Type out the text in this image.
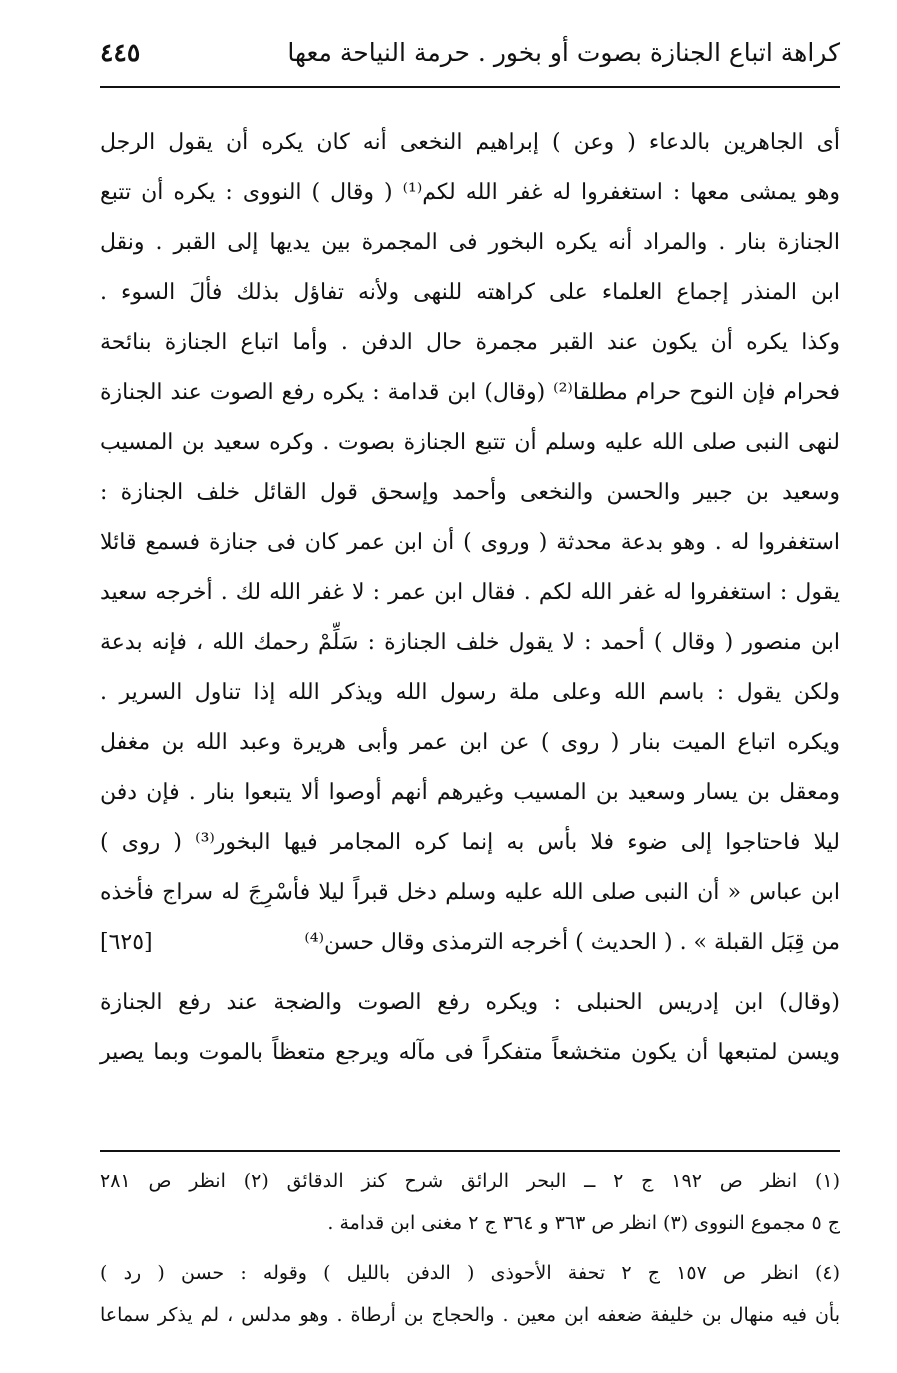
كراهة اتباع الجنازة بصوت أو بخور . حرمة النياحة معها
٤٤٥
أى الجاهرين بالدعاء ( وعن ) إبراهيم النخعى أنه كان يكره أن يقول الرجل
وهو يمشى معها : استغفروا له غفر الله لكم⁽¹⁾ ( وقال ) النووى : يكره أن تتبع
الجنازة بنار . والمراد أنه يكره البخور فى المجمرة بين يديها إلى القبر . ونقل
ابن المنذر إجماع العلماء على كراهته للنهى ولأنه تفاؤل بذلك فألَ السوء .
وكذا يكره أن يكون عند القبر مجمرة حال الدفن . وأما اتباع الجنازة بنائحة
فحرام فإن النوح حرام مطلقا⁽²⁾ (وقال) ابن قدامة : يكره رفع الصوت عند الجنازة
لنهى النبى صلى الله عليه وسلم أن تتبع الجنازة بصوت . وكره سعيد بن المسيب
وسعيد بن جبير والحسن والنخعى وأحمد وإسحق قول القائل خلف الجنازة :
استغفروا له . وهو بدعة محدثة ( وروى ) أن ابن عمر كان فى جنازة فسمع قائلا
يقول : استغفروا له غفر الله لكم . فقال ابن عمر : لا غفر الله لك . أخرجه سعيد
ابن منصور ( وقال ) أحمد : لا يقول خلف الجنازة : سَلِّمْ رحمك الله ، فإنه بدعة
ولكن يقول : باسم الله وعلى ملة رسول الله ويذكر الله إذا تناول السرير .
ويكره اتباع الميت بنار ( روى ) عن ابن عمر وأبى هريرة وعبد الله بن مغفل
ومعقل بن يسار وسعيد بن المسيب وغيرهم أنهم أوصوا ألا يتبعوا بنار . فإن دفن
ليلا فاحتاجوا إلى ضوء فلا بأس به إنما كره المجامر فيها البخور⁽³⁾ ( روى )
ابن عباس « أن النبى صلى الله عليه وسلم دخل قبراً ليلا فأسْرِجَ له سراج فأخذه
من قِبَل القبلة » . ( الحديث ) أخرجه الترمذى وقال حسن⁽⁴⁾
[٦٢٥]
(وقال) ابن إدريس الحنبلى : ويكره رفع الصوت والضجة عند رفع الجنازة
ويسن لمتبعها أن يكون متخشعاً متفكراً فى مآله ويرجع متعظاً بالموت وبما يصير
(١) انظر ص ١٩٢ ج ٢ ــ البحر الرائق شرح كنز الدقائق (٢) انظر ص ٢٨١
ج ٥ مجموع النووى (٣) انظر ص ٣٦٣ و ٣٦٤ ج ٢ مغنى ابن قدامة .
(٤) انظر ص ١٥٧ ج ٢ تحفة الأحوذى ( الدفن بالليل ) وقوله : حسن ( رد )
بأن فيه منهال بن خليفة ضعفه ابن معين . والحجاج بن أرطاة . وهو مدلس ، لم يذكر سماعا
